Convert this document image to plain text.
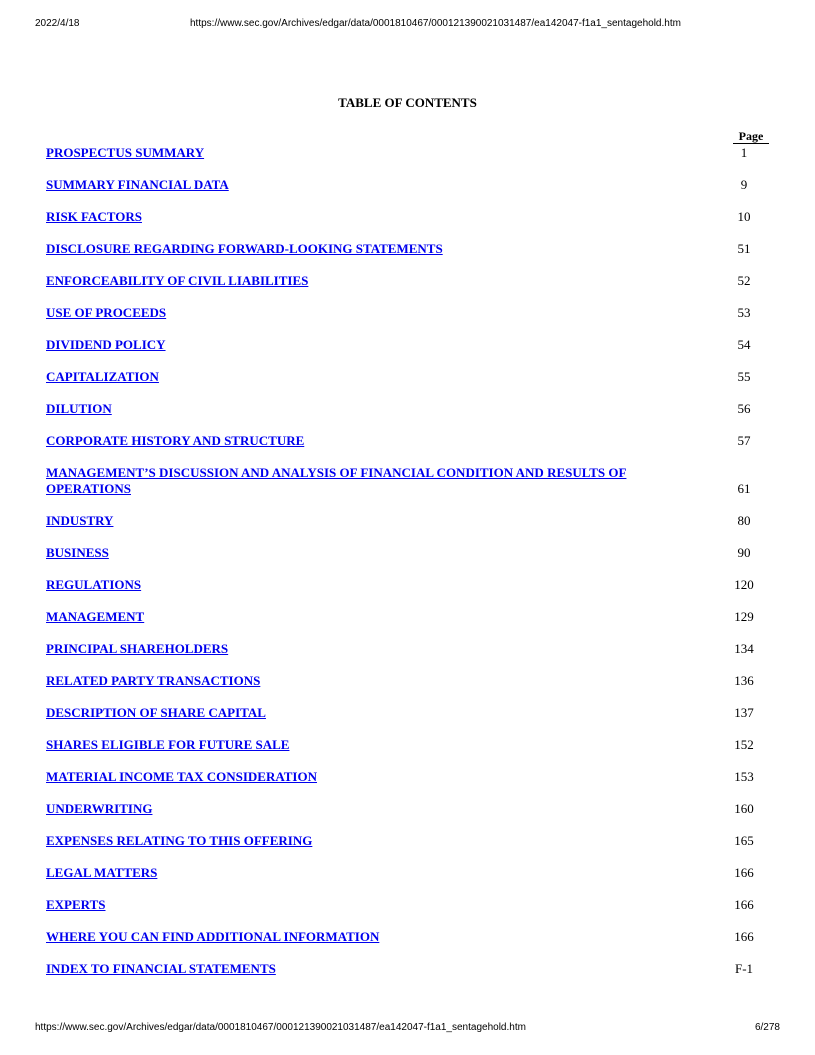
2022/4/18	https://www.sec.gov/Archives/edgar/data/0001810467/000121390021031487/ea142047-f1a1_sentagehold.htm
TABLE OF CONTENTS
Page
PROSPECTUS SUMMARY	1
SUMMARY FINANCIAL DATA	9
RISK FACTORS	10
DISCLOSURE REGARDING FORWARD-LOOKING STATEMENTS	51
ENFORCEABILITY OF CIVIL LIABILITIES	52
USE OF PROCEEDS	53
DIVIDEND POLICY	54
CAPITALIZATION	55
DILUTION	56
CORPORATE HISTORY AND STRUCTURE	57
MANAGEMENT’S DISCUSSION AND ANALYSIS OF FINANCIAL CONDITION AND RESULTS OF OPERATIONS	61
INDUSTRY	80
BUSINESS	90
REGULATIONS	120
MANAGEMENT	129
PRINCIPAL SHAREHOLDERS	134
RELATED PARTY TRANSACTIONS	136
DESCRIPTION OF SHARE CAPITAL	137
SHARES ELIGIBLE FOR FUTURE SALE	152
MATERIAL INCOME TAX CONSIDERATION	153
UNDERWRITING	160
EXPENSES RELATING TO THIS OFFERING	165
LEGAL MATTERS	166
EXPERTS	166
WHERE YOU CAN FIND ADDITIONAL INFORMATION	166
INDEX TO FINANCIAL STATEMENTS	F-1
https://www.sec.gov/Archives/edgar/data/0001810467/000121390021031487/ea142047-f1a1_sentagehold.htm	6/278
